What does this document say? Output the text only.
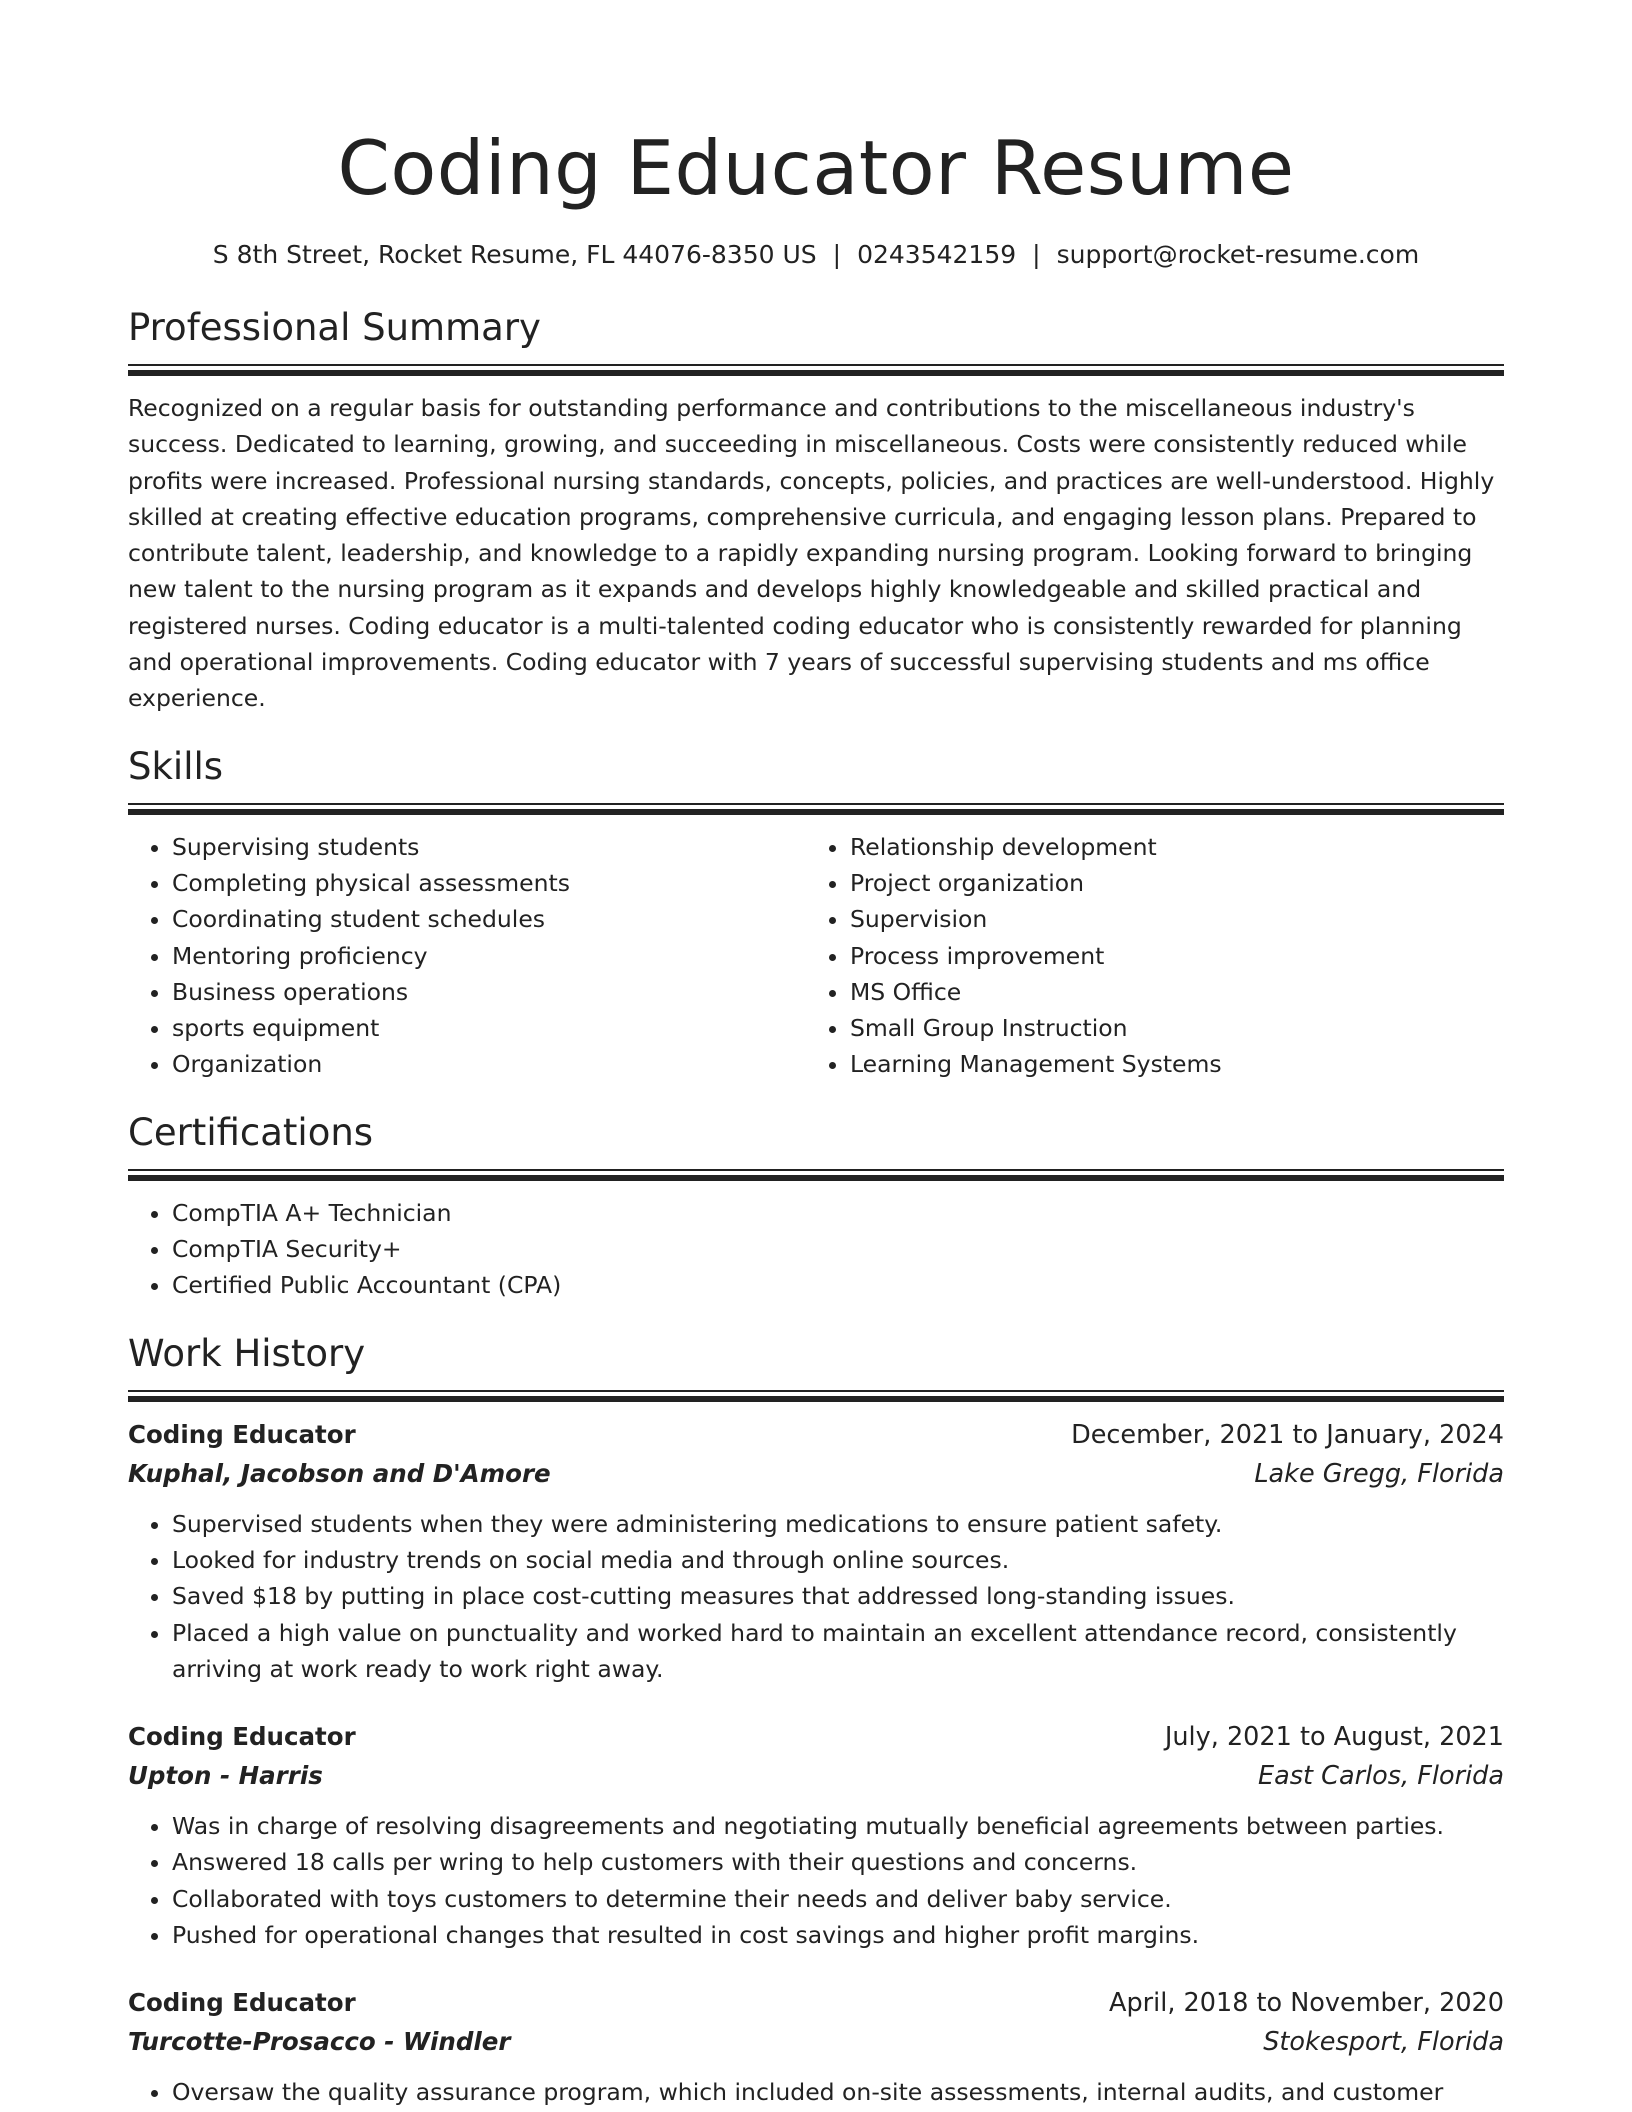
Coding Educator Resume
S 8th Street, Rocket Resume, FL 44076-8350 US | 0243542159 | support@rocket-resume.com
Professional Summary
Recognized on a regular basis for outstanding performance and contributions to the miscellaneous industry's success. Dedicated to learning, growing, and succeeding in miscellaneous. Costs were consistently reduced while profits were increased. Professional nursing standards, concepts, policies, and practices are well-understood. Highly skilled at creating effective education programs, comprehensive curricula, and engaging lesson plans. Prepared to contribute talent, leadership, and knowledge to a rapidly expanding nursing program. Looking forward to bringing new talent to the nursing program as it expands and develops highly knowledgeable and skilled practical and registered nurses. Coding educator is a multi-talented coding educator who is consistently rewarded for planning and operational improvements. Coding educator with 7 years of successful supervising students and ms office experience.
Skills
• Supervising students
• Completing physical assessments
• Coordinating student schedules
• Mentoring proficiency
• Business operations
• sports equipment
• Organization
• Relationship development
• Project organization
• Supervision
• Process improvement
• MS Office
• Small Group Instruction
• Learning Management Systems
Certifications
• CompTIA A+ Technician
• CompTIA Security+
• Certified Public Accountant (CPA)
Work History
Coding Educator	December, 2021 to January, 2024
Kuphal, Jacobson and D'Amore	Lake Gregg, Florida
• Supervised students when they were administering medications to ensure patient safety.
• Looked for industry trends on social media and through online sources.
• Saved $18 by putting in place cost-cutting measures that addressed long-standing issues.
• Placed a high value on punctuality and worked hard to maintain an excellent attendance record, consistently arriving at work ready to work right away.
Coding Educator	July, 2021 to August, 2021
Upton - Harris	East Carlos, Florida
• Was in charge of resolving disagreements and negotiating mutually beneficial agreements between parties.
• Answered 18 calls per wring to help customers with their questions and concerns.
• Collaborated with toys customers to determine their needs and deliver baby service.
• Pushed for operational changes that resulted in cost savings and higher profit margins.
Coding Educator	April, 2018 to November, 2020
Turcotte-Prosacco - Windler	Stokesport, Florida
• Oversaw the quality assurance program, which included on-site assessments, internal audits, and customer
